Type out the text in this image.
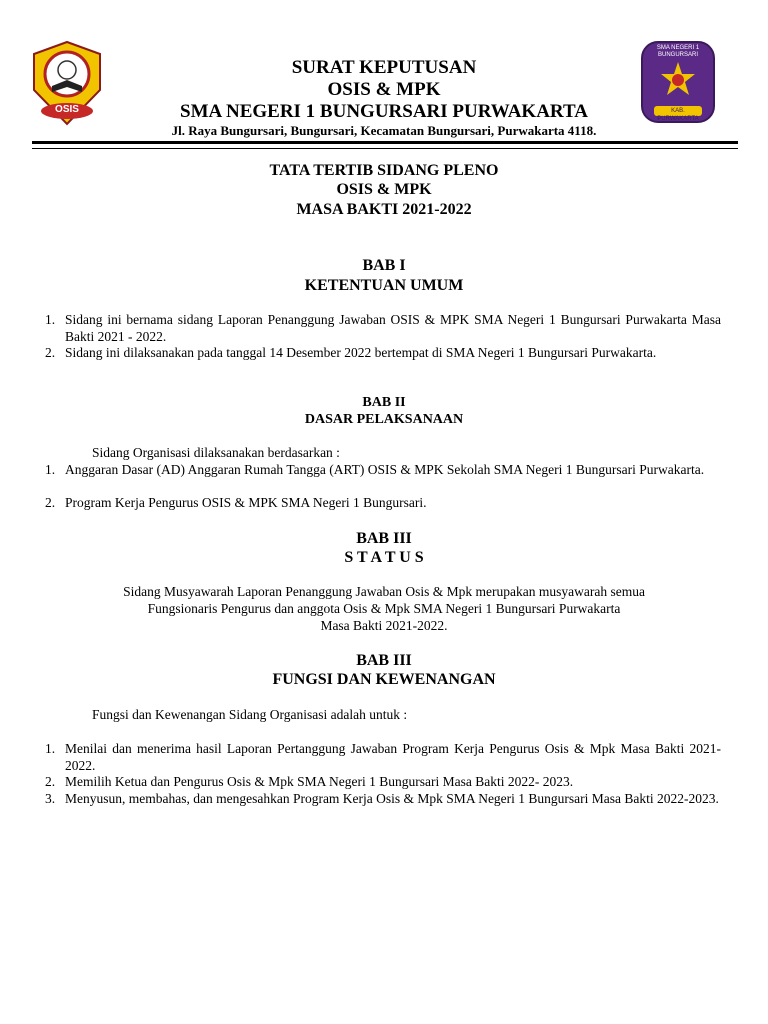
OSIS
SMA NEGERI 1 BUNGURSARI
KAB. PURWAKARTA
SURAT KEPUTUSAN
OSIS & MPK
SMA NEGERI 1 BUNGURSARI PURWAKARTA
Jl. Raya Bungursari, Bungursari, Kecamatan Bungursari, Purwakarta 4118.
TATA TERTIB SIDANG PLENO
OSIS & MPK
MASA BAKTI 2021-2022
BAB I
KETENTUAN UMUM
1. Sidang ini bernama sidang Laporan Penanggung Jawaban OSIS & MPK SMA Negeri 1 Bungursari Purwakarta Masa Bakti 2021 - 2022.
2. Sidang ini dilaksanakan pada tanggal 14 Desember 2022 bertempat di SMA Negeri 1 Bungursari Purwakarta.
BAB II
DASAR PELAKSANAAN
Sidang Organisasi dilaksanakan berdasarkan :
1. Anggaran Dasar (AD) Anggaran Rumah Tangga (ART) OSIS & MPK Sekolah SMA Negeri 1 Bungursari Purwakarta.
2. Program Kerja Pengurus OSIS & MPK SMA Negeri 1 Bungursari.
BAB III
S T A T U S
Sidang Musyawarah Laporan Penanggung Jawaban Osis & Mpk merupakan musyawarah semua
Fungsionaris Pengurus dan anggota Osis & Mpk SMA Negeri 1 Bungursari Purwakarta
Masa Bakti 2021-2022.
BAB III
FUNGSI DAN KEWENANGAN
Fungsi dan Kewenangan Sidang Organisasi adalah untuk :
1. Menilai dan menerima hasil Laporan Pertanggung Jawaban Program Kerja Pengurus Osis & Mpk Masa Bakti 2021-2022.
2. Memilih Ketua dan Pengurus Osis & Mpk SMA Negeri 1 Bungursari Masa Bakti 2022- 2023.
3. Menyusun, membahas, dan mengesahkan Program Kerja Osis & Mpk SMA Negeri 1 Bungursari Masa Bakti 2022-2023.
